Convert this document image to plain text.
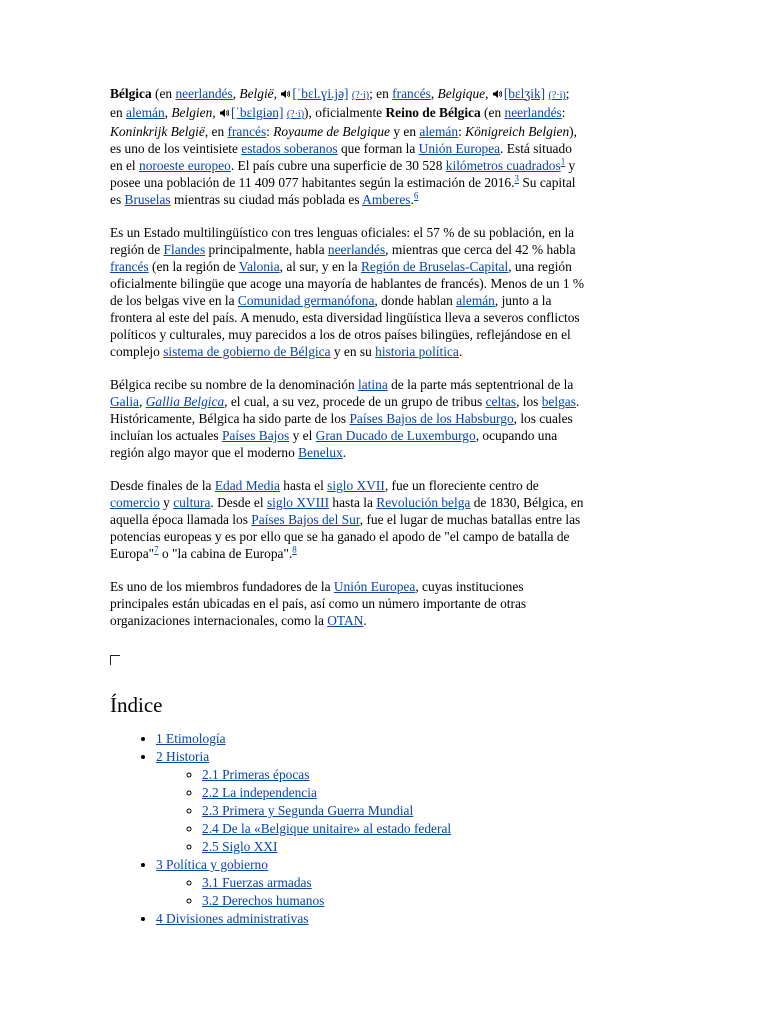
Bélgica (en neerlandés, België, [ˈbɛl.ɣi.jə] (?·i); en francés, Belgique, [bɛlʒik] (?·i);
en alemán, Belgien, [ˈbɛlgiən] (?·i)), oficialmente Reino de Bélgica (en neerlandés:
Koninkrijk België, en francés: Royaume de Belgique y en alemán: Königreich Belgien),
es uno de los veintisiete estados soberanos que forman la Unión Europea. Está situado
en el noroeste europeo. El país cubre una superficie de 30 528 kilómetros cuadrados$^1$ y
posee una población de 11 409 077 habitantes según la estimación de 2016.$^3$ Su capital
es Bruselas mientras su ciudad más poblada es Amberes.$^6$

Es un Estado multilingüístico con tres lenguas oficiales: el 57 % de su población, en la
región de Flandes principalmente, habla neerlandés, mientras que cerca del 42 % habla
francés (en la región de Valonia, al sur, y en la Región de Bruselas-Capital, una región
oficialmente bilingüe que acoge una mayoría de hablantes de francés). Menos de un 1 %
de los belgas vive en la Comunidad germanófona, donde hablan alemán, junto a la
frontera al este del país. A menudo, esta diversidad lingüística lleva a severos conflictos
políticos y culturales, muy parecidos a los de otros países bilingües, reflejándose en el
complejo sistema de gobierno de Bélgica y en su historia política.

Bélgica recibe su nombre de la denominación latina de la parte más septentrional de la
Galia, Gallia Belgica, el cual, a su vez, procede de un grupo de tribus celtas, los belgas.
Históricamente, Bélgica ha sido parte de los Países Bajos de los Habsburgo, los cuales
incluían los actuales Países Bajos y el Gran Ducado de Luxemburgo, ocupando una
región algo mayor que el moderno Benelux.

Desde finales de la Edad Media hasta el siglo XVII, fue un floreciente centro de
comercio y cultura. Desde el siglo XVIII hasta la Revolución belga de 1830, Bélgica, en
aquella época llamada los Países Bajos del Sur, fue el lugar de muchas batallas entre las
potencias europeas y es por ello que se ha ganado el apodo de "el campo de batalla de
Europa"$^7$ o "la cabina de Europa".$^8$

Es uno de los miembros fundadores de la Unión Europea, cuyas instituciones
principales están ubicadas en el país, así como un número importante de otras
organizaciones internacionales, como la OTAN.

Índice
• 1 Etimología
• 2 Historia
◦ 2.1 Primeras épocas
◦ 2.2 La independencia
◦ 2.3 Primera y Segunda Guerra Mundial
◦ 2.4 De la «Belgique unitaire» al estado federal
◦ 2.5 Siglo XXI
• 3 Política y gobierno
◦ 3.1 Fuerzas armadas
◦ 3.2 Derechos humanos
• 4 Divisiones administrativas
